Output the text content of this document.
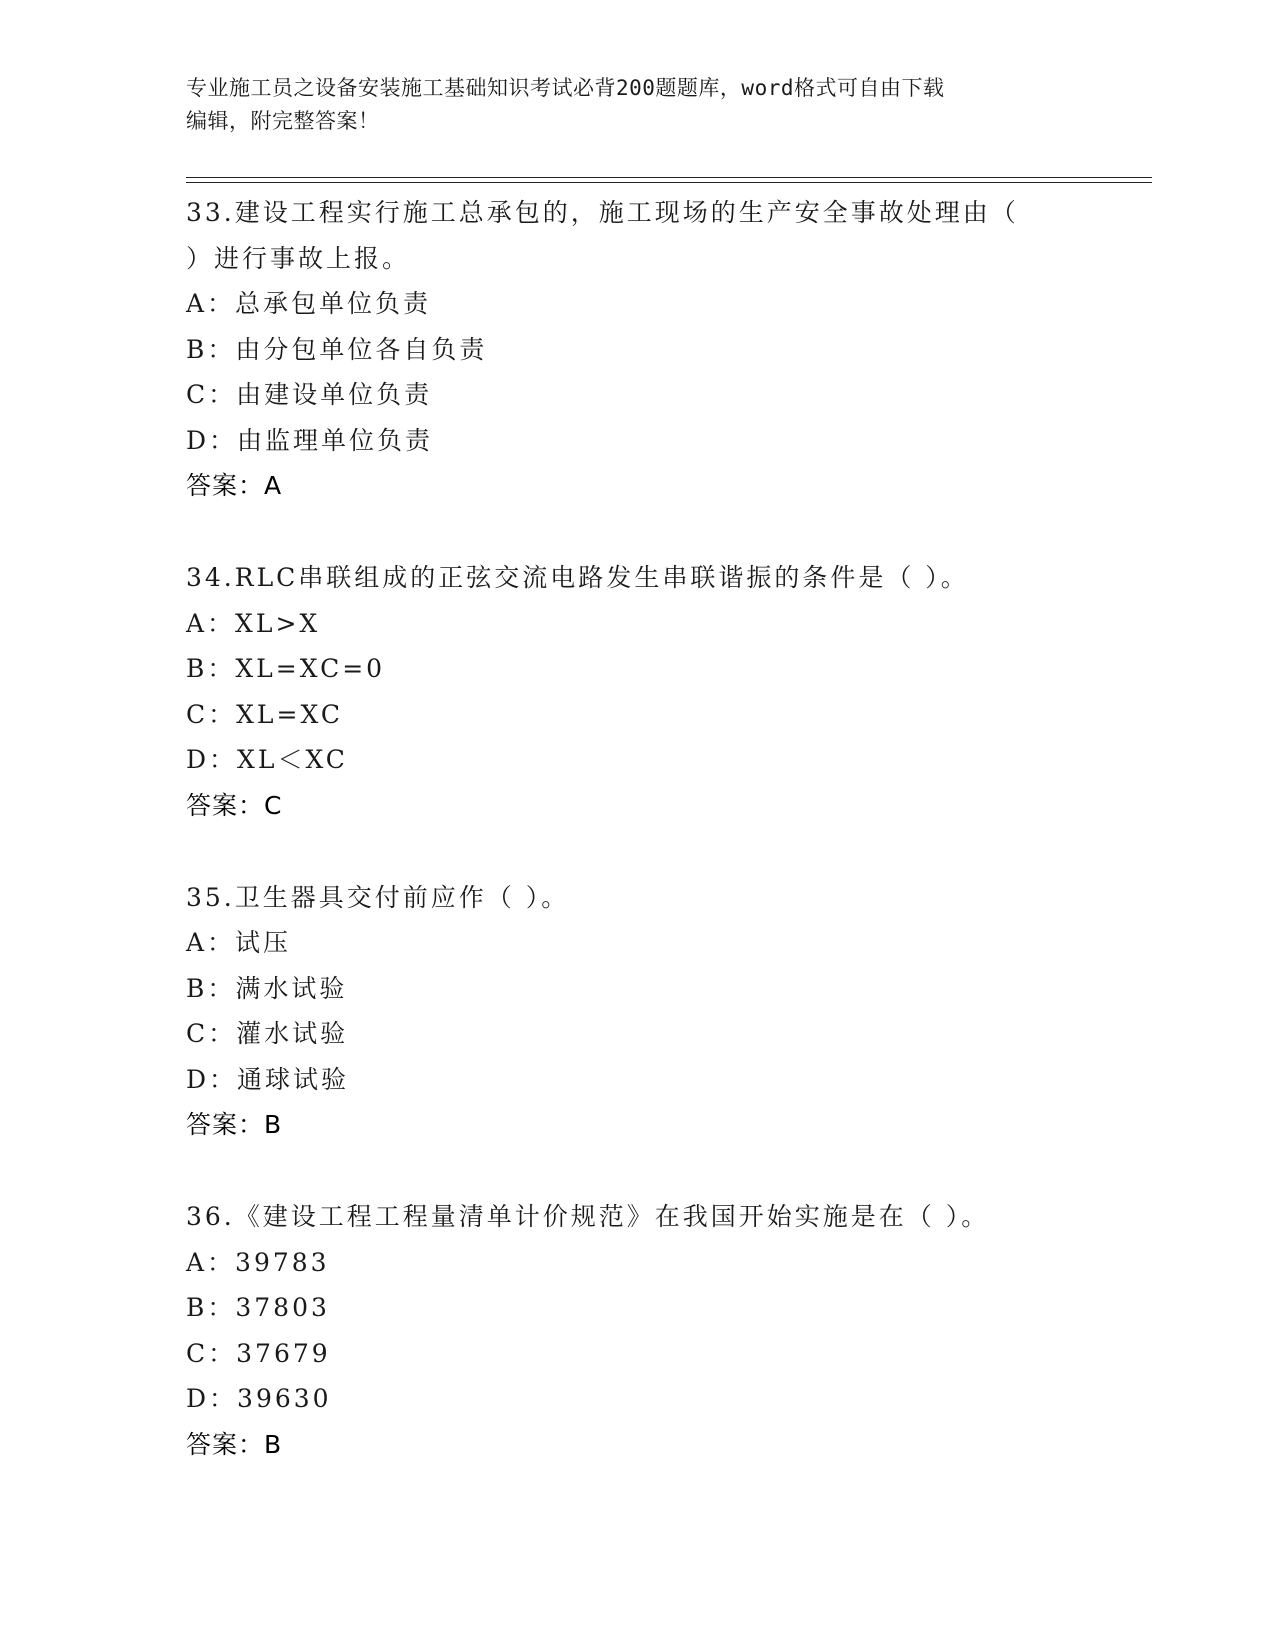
专业施工员之设备安装施工基础知识考试必背200题题库，word格式可自由下载
编辑，附完整答案！
33.建设工程实行施工总承包的，施工现场的生产安全事故处理由（
）进行事故上报。
A：总承包单位负责
B：由分包单位各自负责
C：由建设单位负责
D：由监理单位负责
答案：A
34.RLC串联组成的正弦交流电路发生串联谐振的条件是（ ）。
A：XL>X
B：XL=XC=0
C：XL=XC
D：XL＜XC
答案：C
35.卫生器具交付前应作（ ）。
A：试压
B：满水试验
C：灌水试验
D：通球试验
答案：B
36.《建设工程工程量清单计价规范》在我国开始实施是在（ ）。
A：39783
B：37803
C：37679
D：39630
答案：B
